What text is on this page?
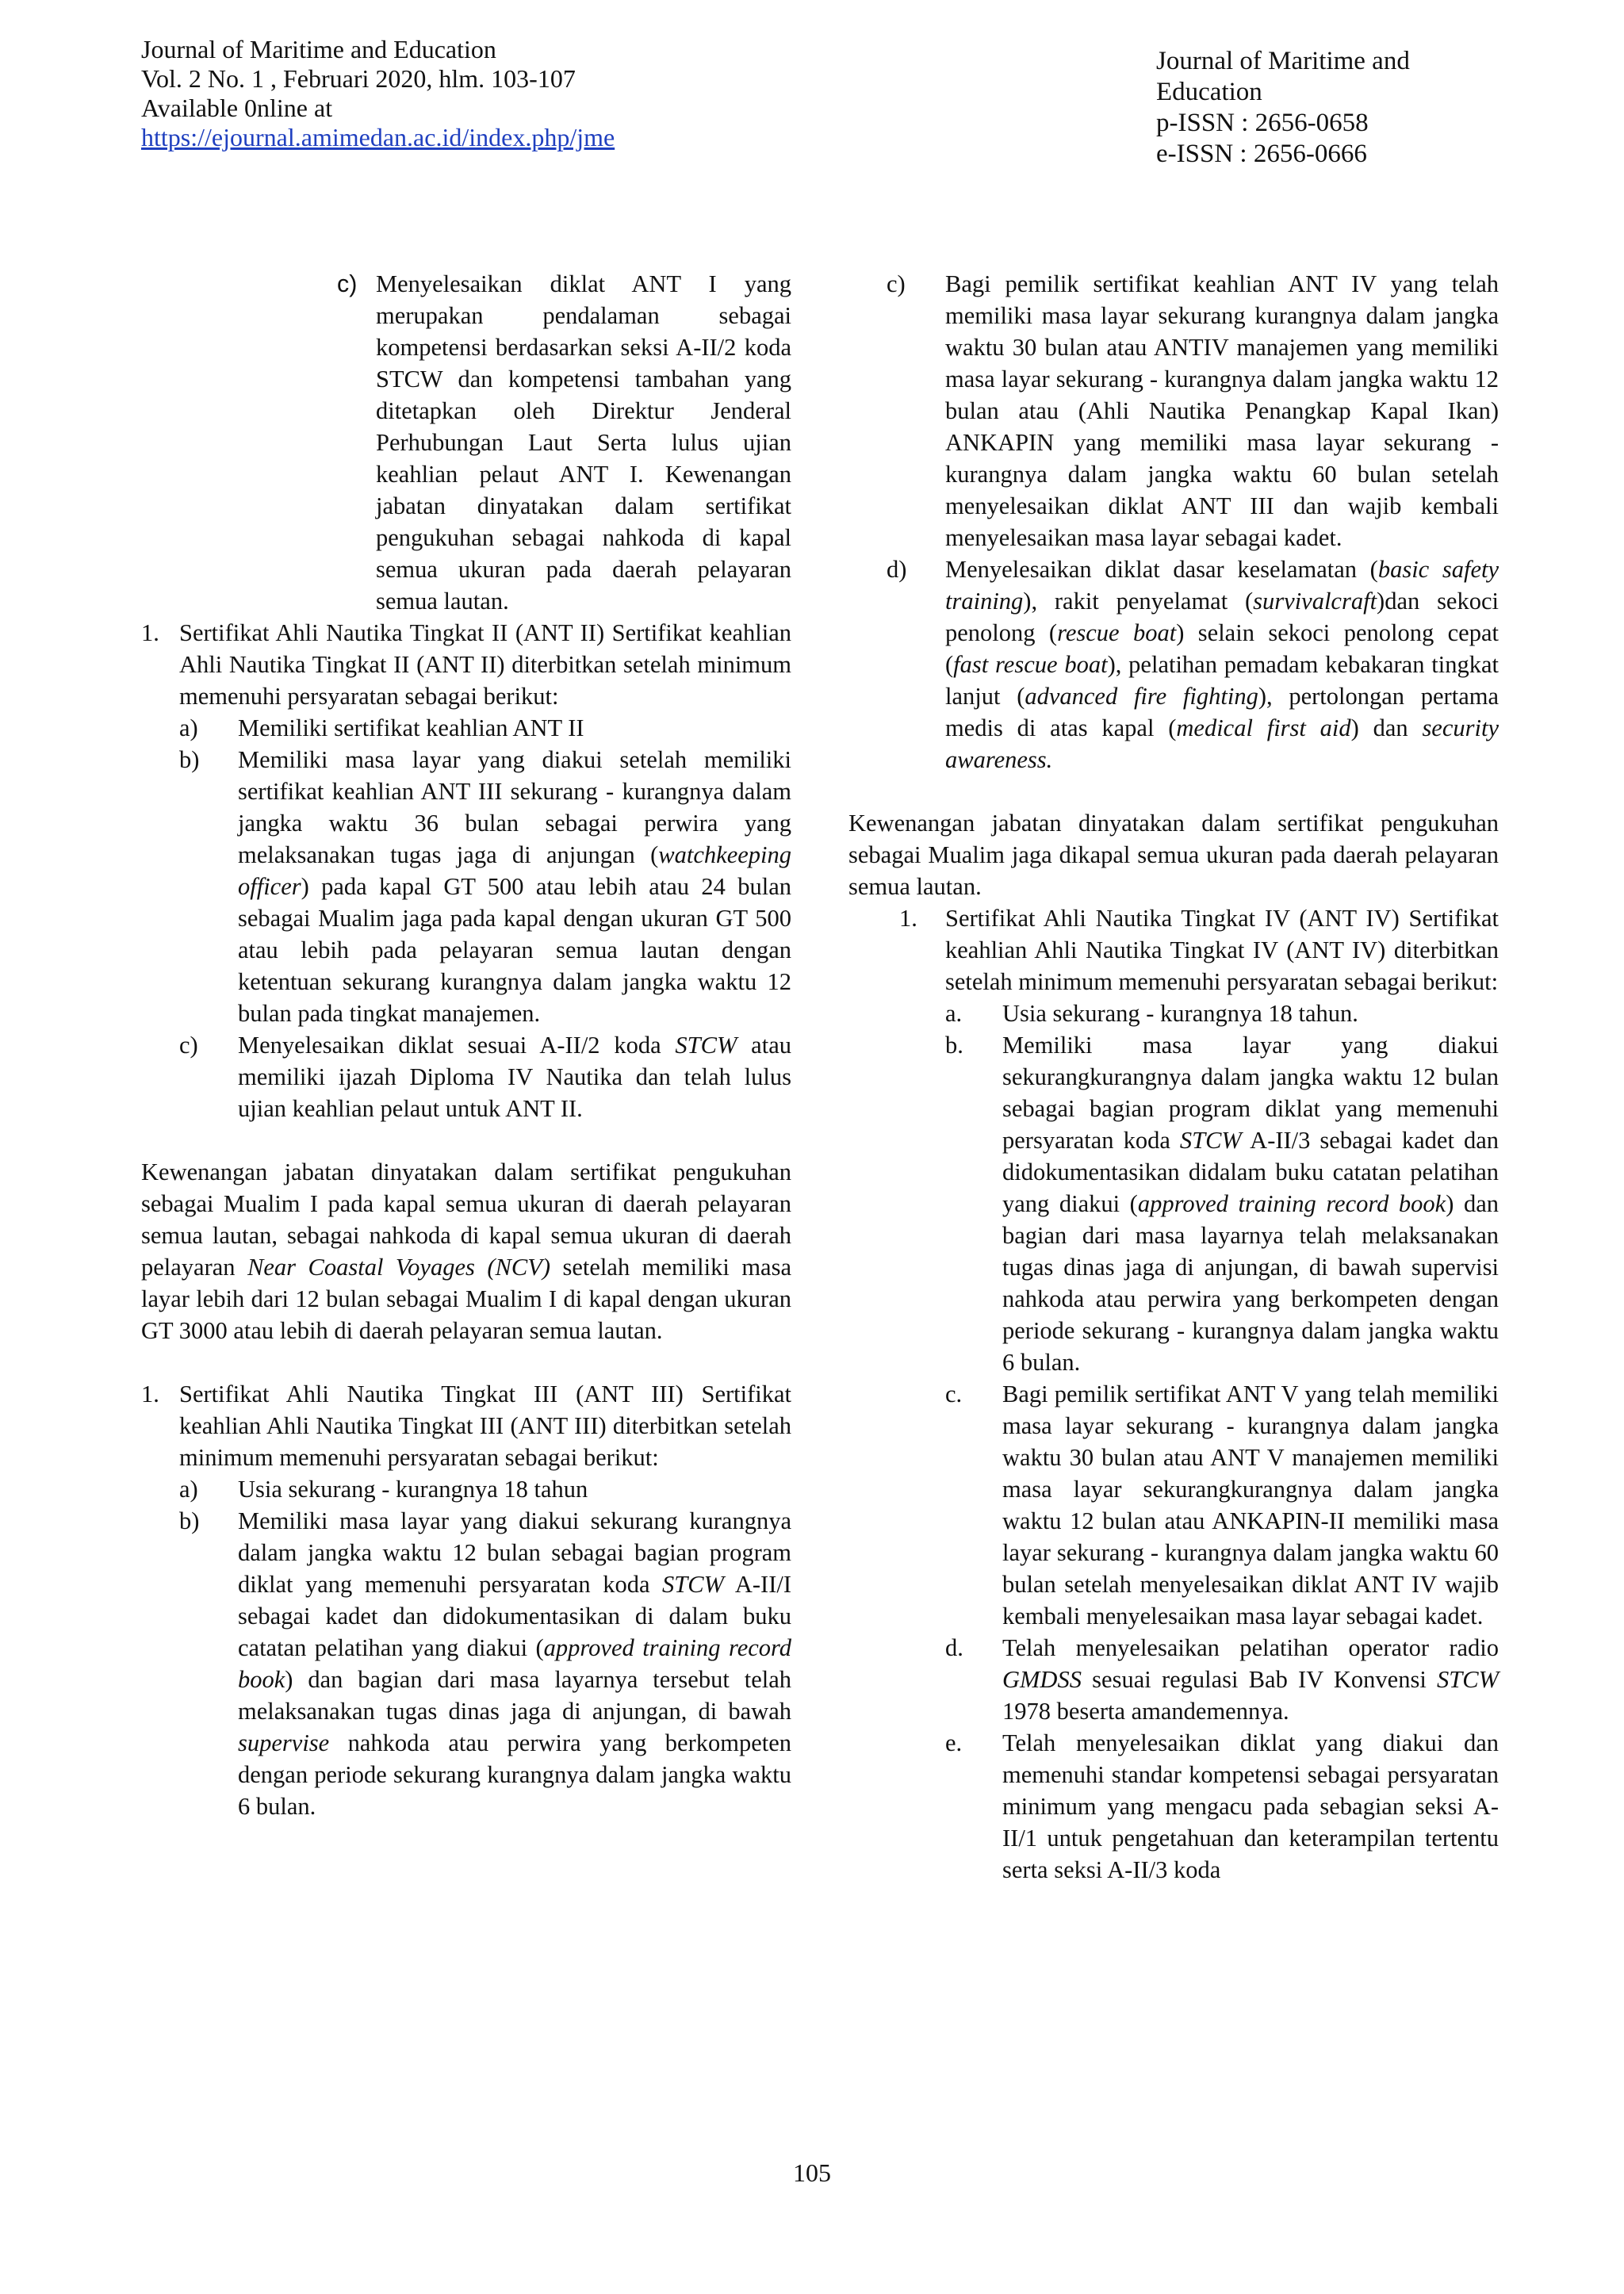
Journal of Maritime and Education
Vol. 2 No. 1 , Februari 2020, hlm. 103-107
Available 0nline at
https://ejournal.amimedan.ac.id/index.php/jme
Journal of Maritime and
Education
p-ISSN : 2656-0658
e-ISSN : 2656-0666
c) Menyelesaikan diklat ANT I yang merupakan pendalaman sebagai kompetensi berdasarkan seksi A-II/2 koda STCW dan kompetensi tambahan yang ditetapkan oleh Direktur Jenderal Perhubungan Laut Serta lulus ujian keahlian pelaut ANT I. Kewenangan jabatan dinyatakan dalam sertifikat pengukuhan sebagai nahkoda di kapal semua ukuran pada daerah pelayaran semua lautan.
1. Sertifikat Ahli Nautika Tingkat II (ANT II) Sertifikat keahlian Ahli Nautika Tingkat II (ANT II) diterbitkan setelah minimum memenuhi persyaratan sebagai berikut:
a) Memiliki sertifikat keahlian ANT II
b) Memiliki masa layar yang diakui setelah memiliki sertifikat keahlian ANT III sekurang - kurangnya dalam jangka waktu 36 bulan sebagai perwira yang melaksanakan tugas jaga di anjungan (watchkeeping officer) pada kapal GT 500 atau lebih atau 24 bulan sebagai Mualim jaga pada kapal dengan ukuran GT 500 atau lebih pada pelayaran semua lautan dengan ketentuan sekurang kurangnya dalam jangka waktu 12 bulan pada tingkat manajemen.
c) Menyelesaikan diklat sesuai A-II/2 koda STCW atau memiliki ijazah Diploma IV Nautika dan telah lulus ujian keahlian pelaut untuk ANT II.
Kewenangan jabatan dinyatakan dalam sertifikat pengukuhan sebagai Mualim I pada kapal semua ukuran di daerah pelayaran semua lautan, sebagai nahkoda di kapal semua ukuran di daerah pelayaran Near Coastal Voyages (NCV) setelah memiliki masa layar lebih dari 12 bulan sebagai Mualim I di kapal dengan ukuran GT 3000 atau lebih di daerah pelayaran semua lautan.
1. Sertifikat Ahli Nautika Tingkat III (ANT III) Sertifikat keahlian Ahli Nautika Tingkat III (ANT III) diterbitkan setelah minimum memenuhi persyaratan sebagai berikut:
a) Usia sekurang - kurangnya 18 tahun
b) Memiliki masa layar yang diakui sekurang kurangnya dalam jangka waktu 12 bulan sebagai bagian program diklat yang memenuhi persyaratan koda STCW A-II/I sebagai kadet dan didokumentasikan di dalam buku catatan pelatihan yang diakui (approved training record book) dan bagian dari masa layarnya tersebut telah melaksanakan tugas dinas jaga di anjungan, di bawah supervise nahkoda atau perwira yang berkompeten dengan periode sekurang kurangnya dalam jangka waktu 6 bulan.
c) Bagi pemilik sertifikat keahlian ANT IV yang telah memiliki masa layar sekurang kurangnya dalam jangka waktu 30 bulan atau ANTIV manajemen yang memiliki masa layar sekurang - kurangnya dalam jangka waktu 12 bulan atau (Ahli Nautika Penangkap Kapal Ikan) ANKAPIN yang memiliki masa layar sekurang - kurangnya dalam jangka waktu 60 bulan setelah menyelesaikan diklat ANT III dan wajib kembali menyelesaikan masa layar sebagai kadet.
d) Menyelesaikan diklat dasar keselamatan (basic safety training), rakit penyelamat (survivalcraft)dan sekoci penolong (rescue boat) selain sekoci penolong cepat (fast rescue boat), pelatihan pemadam kebakaran tingkat lanjut (advanced fire fighting), pertolongan pertama medis di atas kapal (medical first aid) dan security awareness.
Kewenangan jabatan dinyatakan dalam sertifikat pengukuhan sebagai Mualim jaga dikapal semua ukuran pada daerah pelayaran semua lautan.
1. Sertifikat Ahli Nautika Tingkat IV (ANT IV) Sertifikat keahlian Ahli Nautika Tingkat IV (ANT IV) diterbitkan setelah minimum memenuhi persyaratan sebagai berikut:
a. Usia sekurang - kurangnya 18 tahun.
b. Memiliki masa layar yang diakui sekurangkurangnya dalam jangka waktu 12 bulan sebagai bagian program diklat yang memenuhi persyaratan koda STCW A-II/3 sebagai kadet dan didokumentasikan didalam buku catatan pelatihan yang diakui (approved training record book) dan bagian dari masa layarnya telah melaksanakan tugas dinas jaga di anjungan, di bawah supervisi nahkoda atau perwira yang berkompeten dengan periode sekurang - kurangnya dalam jangka waktu 6 bulan.
c. Bagi pemilik sertifikat ANT V yang telah memiliki masa layar sekurang - kurangnya dalam jangka waktu 30 bulan atau ANT V manajemen memiliki masa layar sekurangkurangnya dalam jangka waktu 12 bulan atau ANKAPIN-II memiliki masa layar sekurang - kurangnya dalam jangka waktu 60 bulan setelah menyelesaikan diklat ANT IV wajib kembali menyelesaikan masa layar sebagai kadet.
d. Telah menyelesaikan pelatihan operator radio GMDSS sesuai regulasi Bab IV Konvensi STCW 1978 beserta amandemennya.
e. Telah menyelesaikan diklat yang diakui dan memenuhi standar kompetensi sebagai persyaratan minimum yang mengacu pada sebagian seksi A-II/1 untuk pengetahuan dan keterampilan tertentu serta seksi A-II/3 koda
105
